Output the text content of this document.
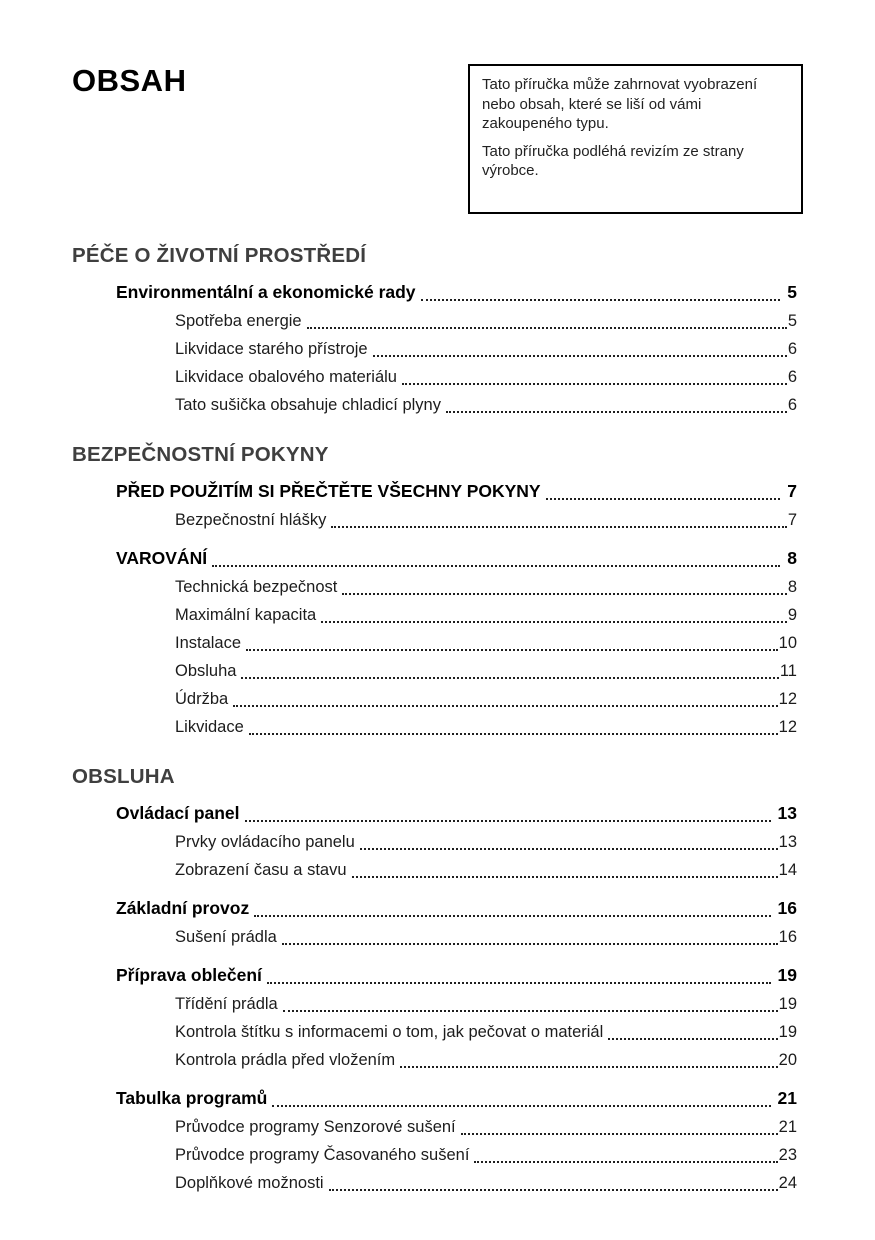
OBSAH	Tato příručka může zahrnovat vyobrazení nebo obsah, které se liší od vámi zakoupeného typu.

Tato příručka podléhá revizím ze strany výrobce.

PÉČE O ŽIVOTNÍ PROSTŘEDÍ
Environmentální a ekonomické rady	5
Spotřeba energie	5
Likvidace starého přístroje	6
Likvidace obalového materiálu	6
Tato sušička obsahuje chladicí plyny	6
BEZPEČNOSTNÍ POKYNY
PŘED POUŽITÍM SI PŘEČTĚTE VŠECHNY POKYNY	7
Bezpečnostní hlášky	7
VAROVÁNÍ	8
Technická bezpečnost	8
Maximální kapacita	9
Instalace	10
Obsluha	11
Údržba	12
Likvidace	12
OBSLUHA
Ovládací panel	13
Prvky ovládacího panelu	13
Zobrazení času a stavu	14
Základní provoz	16
Sušení prádla	16
Příprava oblečení	19
Třídění prádla	19
Kontrola štítku s informacemi o tom, jak pečovat o materiál	19
Kontrola prádla před vložením	20
Tabulka programů	21
Průvodce programy Senzorové sušení	21
Průvodce programy Časovaného sušení	23
Doplňkové možnosti	24
